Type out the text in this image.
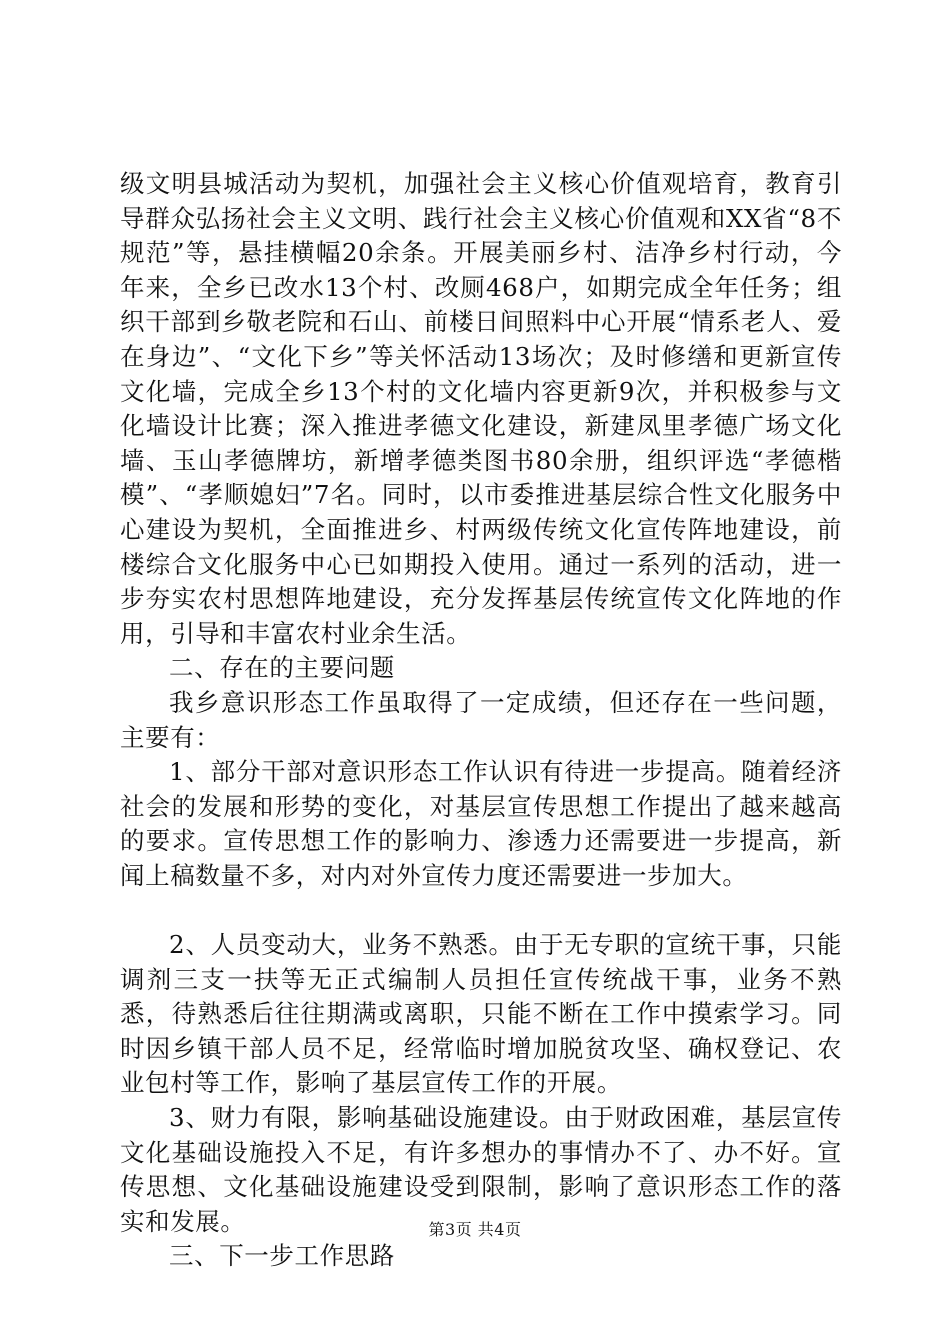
级文明县城活动为契机，加强社会主义核心价值观培育，教育引导群众弘扬社会主义文明、践行社会主义核心价值观和XX省“8不规范”等，悬挂横幅20余条。开展美丽乡村、洁净乡村行动，今年来，全乡已改水13个村、改厕468户，如期完成全年任务；组织干部到乡敬老院和石山、前楼日间照料中心开展“情系老人、爱在身边”、“文化下乡”等关怀活动13场次；及时修缮和更新宣传文化墙，完成全乡13个村的文化墙内容更新9次，并积极参与文化墙设计比赛；深入推进孝德文化建设，新建凤里孝德广场文化墙、玉山孝德牌坊，新增孝德类图书80余册，组织评选“孝德楷模”、“孝顺媳妇”7名。同时，以市委推进基层综合性文化服务中心建设为契机，全面推进乡、村两级传统文化宣传阵地建设，前楼综合文化服务中心已如期投入使用。通过一系列的活动，进一步夯实农村思想阵地建设，充分发挥基层传统宣传文化阵地的作用，引导和丰富农村业余生活。

二、存在的主要问题

我乡意识形态工作虽取得了一定成绩，但还存在一些问题，主要有：

1、部分干部对意识形态工作认识有待进一步提高。随着经济社会的发展和形势的变化，对基层宣传思想工作提出了越来越高的要求。宣传思想工作的影响力、渗透力还需要进一步提高，新闻上稿数量不多，对内对外宣传力度还需要进一步加大。

2、人员变动大，业务不熟悉。由于无专职的宣统干事，只能调剂三支一扶等无正式编制人员担任宣传统战干事，业务不熟悉，待熟悉后往往期满或离职，只能不断在工作中摸索学习。同时因乡镇干部人员不足，经常临时增加脱贫攻坚、确权登记、农业包村等工作，影响了基层宣传工作的开展。

3、财力有限，影响基础设施建设。由于财政困难，基层宣传文化基础设施投入不足，有许多想办的事情办不了、办不好。宣传思想、文化基础设施建设受到限制，影响了意识形态工作的落实和发展。

三、下一步工作思路

第3页 共4页
